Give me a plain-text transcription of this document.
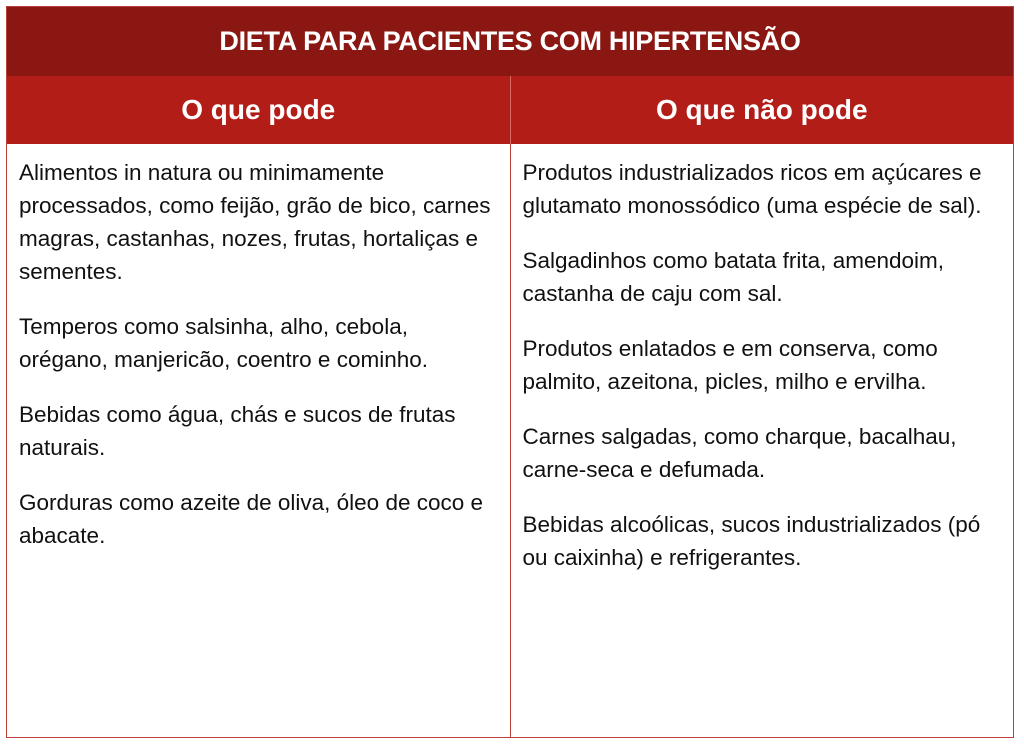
DIETA PARA PACIENTES COM HIPERTENSÃO
O que pode	O que não pode

Alimentos in natura ou minimamente processados, como feijão, grão de bico, carnes magras, castanhas, nozes, frutas, hortaliças e sementes.

Temperos como salsinha, alho, cebola, orégano, manjericão, coentro e cominho.

Bebidas como água, chás e sucos de frutas naturais.

Gorduras como azeite de oliva, óleo de coco e abacate.

Produtos industrializados ricos em açúcares e glutamato monossódico (uma espécie de sal).

Salgadinhos como batata frita, amendoim, castanha de caju com sal.

Produtos enlatados e em conserva, como palmito, azeitona, picles, milho e ervilha.

Carnes salgadas, como charque, bacalhau, carne-seca e defumada.

Bebidas alcoólicas, sucos industrializados (pó ou caixinha) e refrigerantes.
